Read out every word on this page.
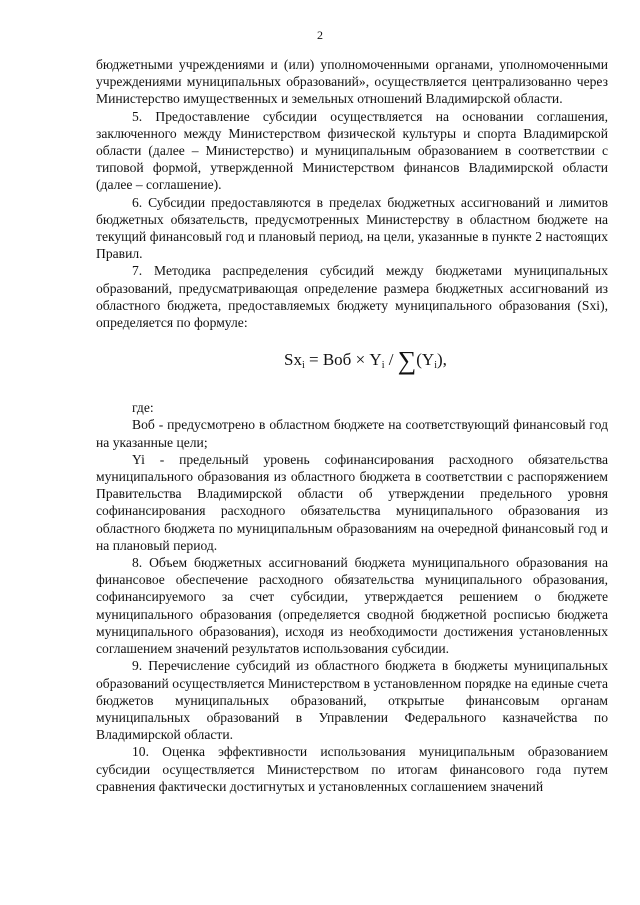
2

бюджетными учреждениями и (или) уполномоченными органами, уполномоченными учреждениями муниципальных образований», осуществляется централизованно через Министерство имущественных и земельных отношений Владимирской области.

5. Предоставление субсидии осуществляется на основании соглашения, заключенного между Министерством физической культуры и спорта Владимирской области (далее – Министерство) и муниципальным образованием в соответствии с типовой формой, утвержденной Министерством финансов Владимирской области (далее – соглашение).

6. Субсидии предоставляются в пределах бюджетных ассигнований и лимитов бюджетных обязательств, предусмотренных Министерству в областном бюджете на текущий финансовый год и плановый период, на цели, указанные в пункте 2 настоящих Правил.

7. Методика распределения субсидий между бюджетами муниципальных образований, предусматривающая определение размера бюджетных ассигнований из областного бюджета, предоставляемых бюджету муниципального образования (Sxi), определяется по формуле:

$Sx_i$ = Воб × $Y_i / \sum(Y_i)$,

где:

Воб - предусмотрено в областном бюджете на соответствующий финансовый год на указанные цели;

Yi - предельный уровень софинансирования расходного обязательства муниципального образования из областного бюджета в соответствии с распоряжением Правительства Владимирской области об утверждении предельного уровня софинансирования расходного обязательства муниципального образования из областного бюджета по муниципальным образованиям на очередной финансовый год и на плановый период.

8. Объем бюджетных ассигнований бюджета муниципального образования на финансовое обеспечение расходного обязательства муниципального образования, софинансируемого за счет субсидии, утверждается решением о бюджете муниципального образования (определяется сводной бюджетной росписью бюджета муниципального образования), исходя из необходимости достижения установленных соглашением значений результатов использования субсидии.

9. Перечисление субсидий из областного бюджета в бюджеты муниципальных образований осуществляется Министерством в установленном порядке на единые счета бюджетов муниципальных образований, открытые финансовым органам муниципальных образований в Управлении Федерального казначейства по Владимирской области.

10. Оценка эффективности использования муниципальным образованием субсидии осуществляется Министерством по итогам финансового года путем сравнения фактически достигнутых и установленных соглашением значений
